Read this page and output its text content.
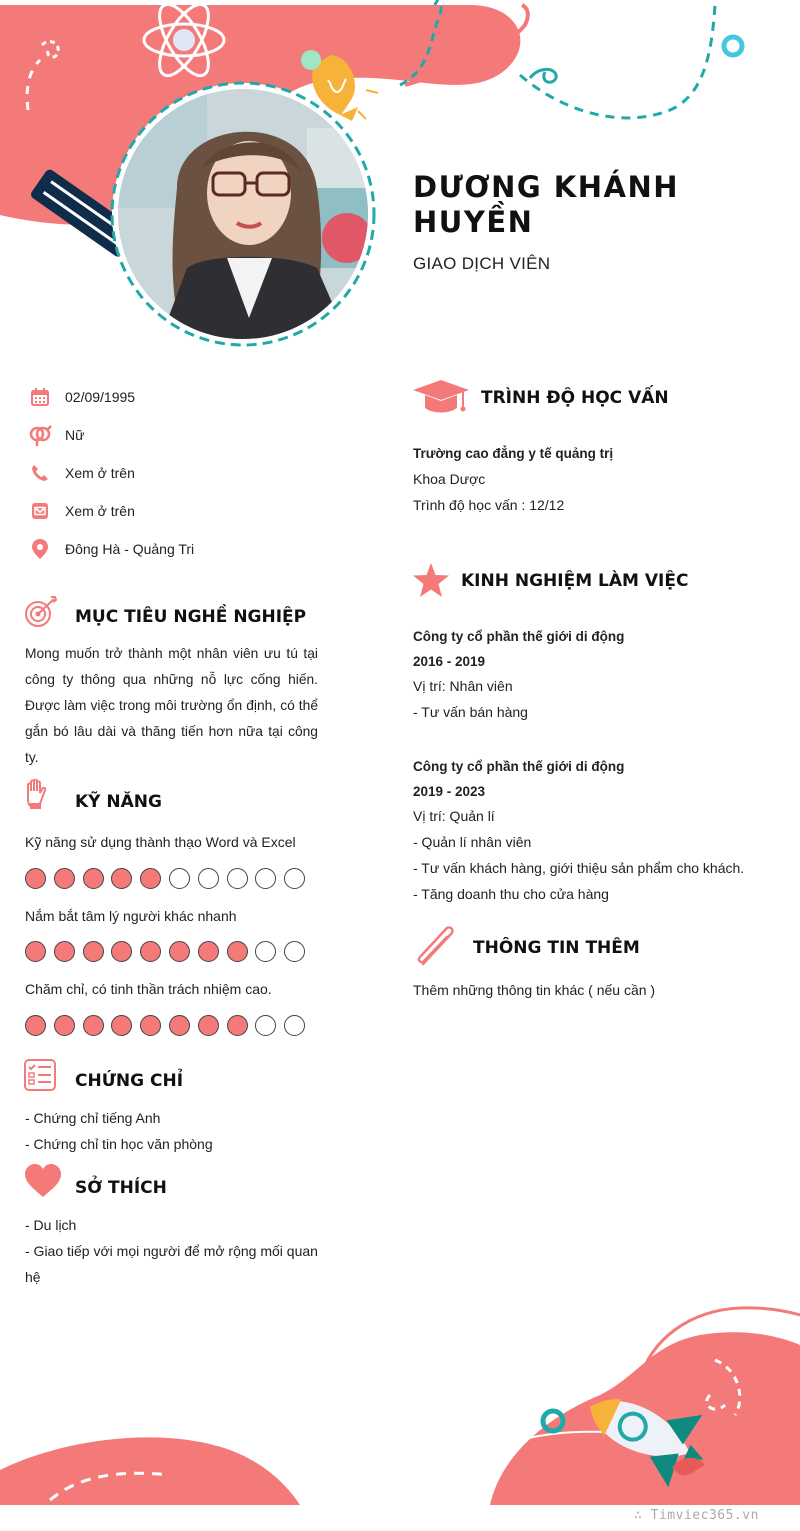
DƯƠNG KHÁNH
HUYỀN
GIAO DỊCH VIÊN
02/09/1995
Nữ
Xem ở trên
Xem ở trên
Đông Hà - Quảng Tri
MỤC TIÊU NGHỀ NGHIỆP

Mong muốn trở thành một nhân viên ưu tú tại công ty thông qua những nỗ lực cống hiến. Được làm việc trong môi trường ổn định, có thể gắn bó lâu dài và thăng tiến hơn nữa tại công ty.

KỸ NĂNG
Kỹ năng sử dụng thành thạo Word và Excel
Nắm bắt tâm lý người khác nhanh
Chăm chỉ, có tinh thần trách nhiệm cao.
CHỨNG CHỈ
- Chứng chỉ tiếng Anh
- Chứng chỉ tin học văn phòng
SỞ THÍCH
- Du lịch
- Giao tiếp với mọi người để mở rộng mối quan
hệ
TRÌNH ĐỘ HỌC VẤN
Trường cao đẳng y tế quảng trị
Khoa Dược
Trình độ học vấn : 12/12
KINH NGHIỆM LÀM VIỆC
Công ty cổ phần thế giới di động
2016 - 2019
Vị trí: Nhân viên
- Tư vấn bán hàng
Công ty cổ phần thế giới di động
2019 - 2023
Vị trí: Quản lí
- Quản lí nhân viên
- Tư vấn khách hàng, giới thiệu sản phẩm cho khách.
- Tăng doanh thu cho cửa hàng
THÔNG TIN THÊM
Thêm những thông tin khác ( nếu cần )
∴ Timviec365.vn
